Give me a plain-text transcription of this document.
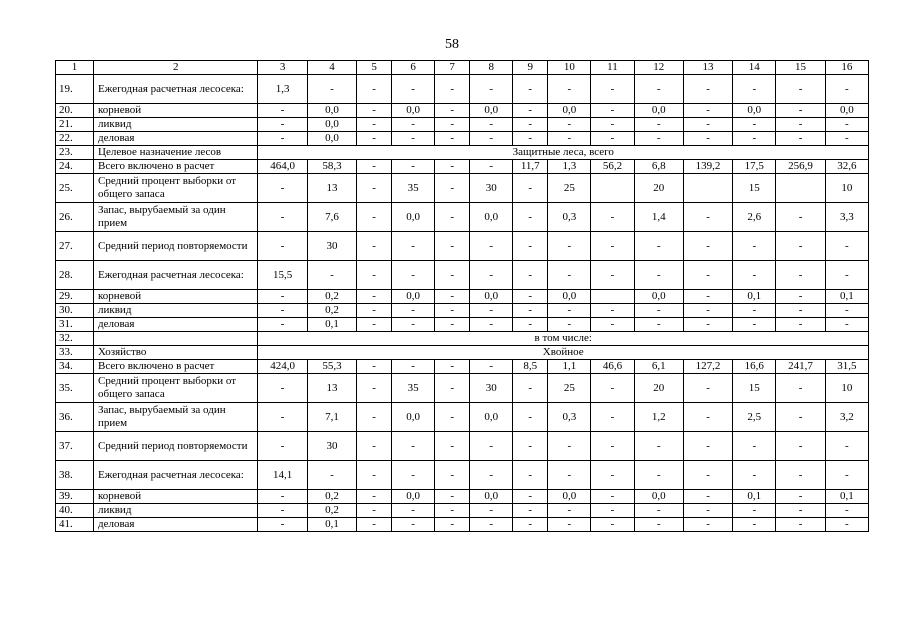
58
1	2	3	4	5	6	7	8	9	10	11	12	13	14	15	16
19.	Ежегодная расчетная лесосека:	1,3	-	-	-	-	-	-	-	-	-	-	-	-	-
20.	корневой	-	0,0	-	0,0	-	0,0	-	0,0	-	0,0	-	0,0	-	0,0
21.	ликвид	-	0,0	-	-	-	-	-	-	-	-	-	-	-	-
22.	деловая	-	0,0	-	-	-	-	-	-	-	-	-	-	-	-
23.	Целевое назначение лесов	Защитные леса, всего													
24.	Всего включено в расчет	464,0	58,3	-	-	-	-	11,7	1,3	56,2	6,8	139,2	17,5	256,9	32,6
25.	Средний процент выборки от общего запаса	-	13	-	35	-	30	-	25		20		15		10
26.	Запас, вырубаемый за один прием	-	7,6	-	0,0	-	0,0	-	0,3	-	1,4	-	2,6	-	3,3
27.	Средний период повторяемости	-	30	-	-	-	-	-	-	-	-	-	-	-	-
28.	Ежегодная расчетная лесосека:	15,5	-	-	-	-	-	-	-	-	-	-	-	-	-
29.	корневой	-	0,2	-	0,0	-	0,0	-	0,0		0,0	-	0,1	-	0,1
30.	ликвид	-	0,2	-	-	-	-	-	-	-	-	-	-	-	-
31.	деловая	-	0,1	-	-	-	-	-	-	-	-	-	-	-	-
32.		в том числе:													
33.	Хозяйство	Хвойное													
34.	Всего включено в расчет	424,0	55,3	-	-	-	-	8,5	1,1	46,6	6,1	127,2	16,6	241,7	31,5
35.	Средний процент выборки от общего запаса	-	13	-	35	-	30	-	25	-	20	-	15	-	10
36.	Запас, вырубаемый за один прием	-	7,1	-	0,0	-	0,0	-	0,3	-	1,2	-	2,5	-	3,2
37.	Средний период повторяемости	-	30	-	-	-	-	-	-	-	-	-	-	-	-
38.	Ежегодная расчетная лесосека:	14,1	-	-	-	-	-	-	-	-	-	-	-	-	-
39.	корневой	-	0,2	-	0,0	-	0,0	-	0,0	-	0,0	-	0,1	-	0,1
40.	ликвид	-	0,2	-	-	-	-	-	-	-	-	-	-	-	-
41.	деловая	-	0,1	-	-	-	-	-	-	-	-	-	-	-	-
